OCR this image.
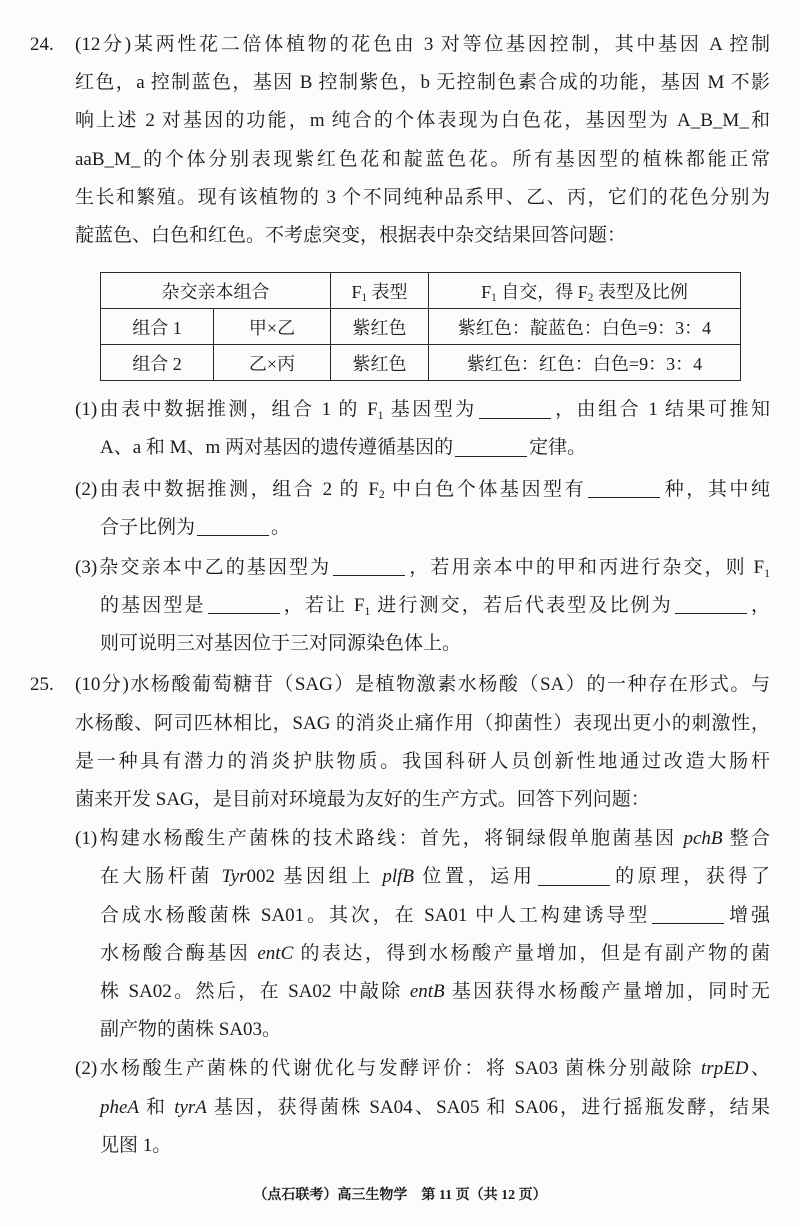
24. (12分)某两性花二倍体植物的花色由 3 对等位基因控制，其中基因 A 控制
红色，a 控制蓝色，基因 B 控制紫色，b 无控制色素合成的功能，基因 M 不影
响上述 2 对基因的功能，m 纯合的个体表现为白色花，基因型为 A_B_M_和
aaB_M_的个体分别表现紫红色花和靛蓝色花。所有基因型的植株都能正常
生长和繁殖。现有该植物的 3 个不同纯种品系甲、乙、丙，它们的花色分别为
靛蓝色、白色和红色。不考虑突变，根据表中杂交结果回答问题：
杂交亲本组合		F1 表型	F1 自交，得 F2 表型及比例
组合 1	甲×乙	紫红色	紫红色：靛蓝色：白色=9：3：4
组合 2	乙×丙	紫红色	紫红色：红色：白色=9：3：4
(1)由表中数据推测，组合 1 的 F1 基因型为	，由组合 1 结果可推知
A、a 和 M、m 两对基因的遗传遵循基因的	定律。
(2)由表中数据推测，组合 2 的 F2 中白色个体基因型有	种，其中纯
合子比例为	。
(3)杂交亲本中乙的基因型为	，若用亲本中的甲和丙进行杂交，则 F1
的基因型是	，若让 F1 进行测交，若后代表型及比例为	，
则可说明三对基因位于三对同源染色体上。
25. (10分)水杨酸葡萄糖苷（SAG）是植物激素水杨酸（SA）的一种存在形式。与
水杨酸、阿司匹林相比，SAG 的消炎止痛作用（抑菌性）表现出更小的刺激性，
是一种具有潜力的消炎护肤物质。我国科研人员创新性地通过改造大肠杆
菌来开发 SAG，是目前对环境最为友好的生产方式。回答下列问题：
(1)构建水杨酸生产菌株的技术路线：首先，将铜绿假单胞菌基因 pchB 整合
在大肠杆菌 Tyr002 基因组上 plfB 位置，运用	的原理，获得了
合成水杨酸菌株 SA01。其次，在 SA01 中人工构建诱导型	增强
水杨酸合酶基因 entC 的表达，得到水杨酸产量增加，但是有副产物的菌
株 SA02。然后，在 SA02 中敲除 entB 基因获得水杨酸产量增加，同时无
副产物的菌株 SA03。
(2)水杨酸生产菌株的代谢优化与发酵评价：将 SA03 菌株分别敲除 trpED、
pheA 和 tyrA 基因，获得菌株 SA04、SA05 和 SA06，进行摇瓶发酵，结果
见图 1。
（点石联考）高三生物学　第 11 页（共 12 页）
